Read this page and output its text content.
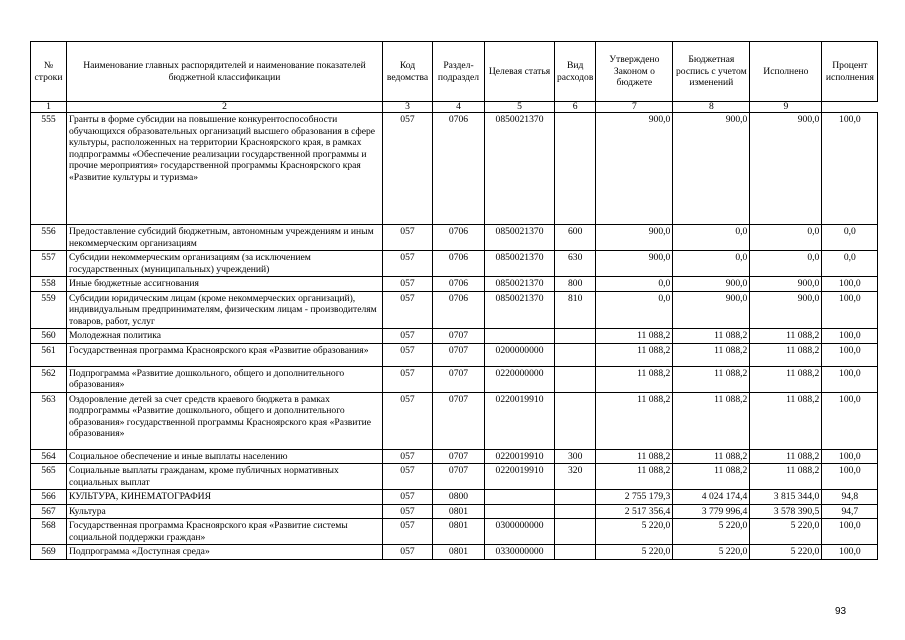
№ строки	Наименование главных распорядителей и наименование показателей бюджетной классификации	Код ведомства	Раздел-подраздел	Целевая статья	Вид расходов	Утверждено Законом о бюджете	Бюджетная роспись с учетом изменений	Исполнено	Процент исполнения
1	2	3	4	5	6	7	8	9	
555	Гранты в форме субсидии на повышение конкурентоспособности обучающихся образовательных организаций высшего образования в сфере культуры, расположенных на территории Красноярского края, в рамках подпрограммы «Обеспечение реализации государственной программы и прочие мероприятия» государственной программы Красноярского края «Развитие культуры и туризма»	057	0706	0850021370		900,0	900,0	900,0	100,0
556	Предоставление субсидий бюджетным, автономным учреждениям и иным некоммерческим организациям	057	0706	0850021370	600	900,0	0,0	0,0	0,0
557	Субсидии некоммерческим организациям (за исключением государственных (муниципальных) учреждений)	057	0706	0850021370	630	900,0	0,0	0,0	0,0
558	Иные бюджетные ассигнования	057	0706	0850021370	800	0,0	900,0	900,0	100,0
559	Субсидии юридическим лицам (кроме некоммерческих организаций), индивидуальным предпринимателям, физическим лицам - производителям товаров, работ, услуг	057	0706	0850021370	810	0,0	900,0	900,0	100,0
560	Молодежная политика	057	0707			11 088,2	11 088,2	11 088,2	100,0
561	Государственная программа Красноярского края «Развитие образования»	057	0707	0200000000		11 088,2	11 088,2	11 088,2	100,0
562	Подпрограмма «Развитие дошкольного, общего и дополнительного образования»	057	0707	0220000000		11 088,2	11 088,2	11 088,2	100,0
563	Оздоровление детей за счет средств краевого бюджета в рамках подпрограммы «Развитие дошкольного, общего и дополнительного образования» государственной программы Красноярского края «Развитие образования»	057	0707	0220019910		11 088,2	11 088,2	11 088,2	100,0
564	Социальное обеспечение и иные выплаты населению	057	0707	0220019910	300	11 088,2	11 088,2	11 088,2	100,0
565	Социальные выплаты гражданам, кроме публичных нормативных социальных выплат	057	0707	0220019910	320	11 088,2	11 088,2	11 088,2	100,0
566	КУЛЬТУРА, КИНЕМАТОГРАФИЯ	057	0800			2 755 179,3	4 024 174,4	3 815 344,0	94,8
567	Культура	057	0801			2 517 356,4	3 779 996,4	3 578 390,5	94,7
568	Государственная программа Красноярского края «Развитие системы социальной поддержки граждан»	057	0801	0300000000		5 220,0	5 220,0	5 220,0	100,0
569	Подпрограмма «Доступная среда»	057	0801	0330000000		5 220,0	5 220,0	5 220,0	100,0
93
